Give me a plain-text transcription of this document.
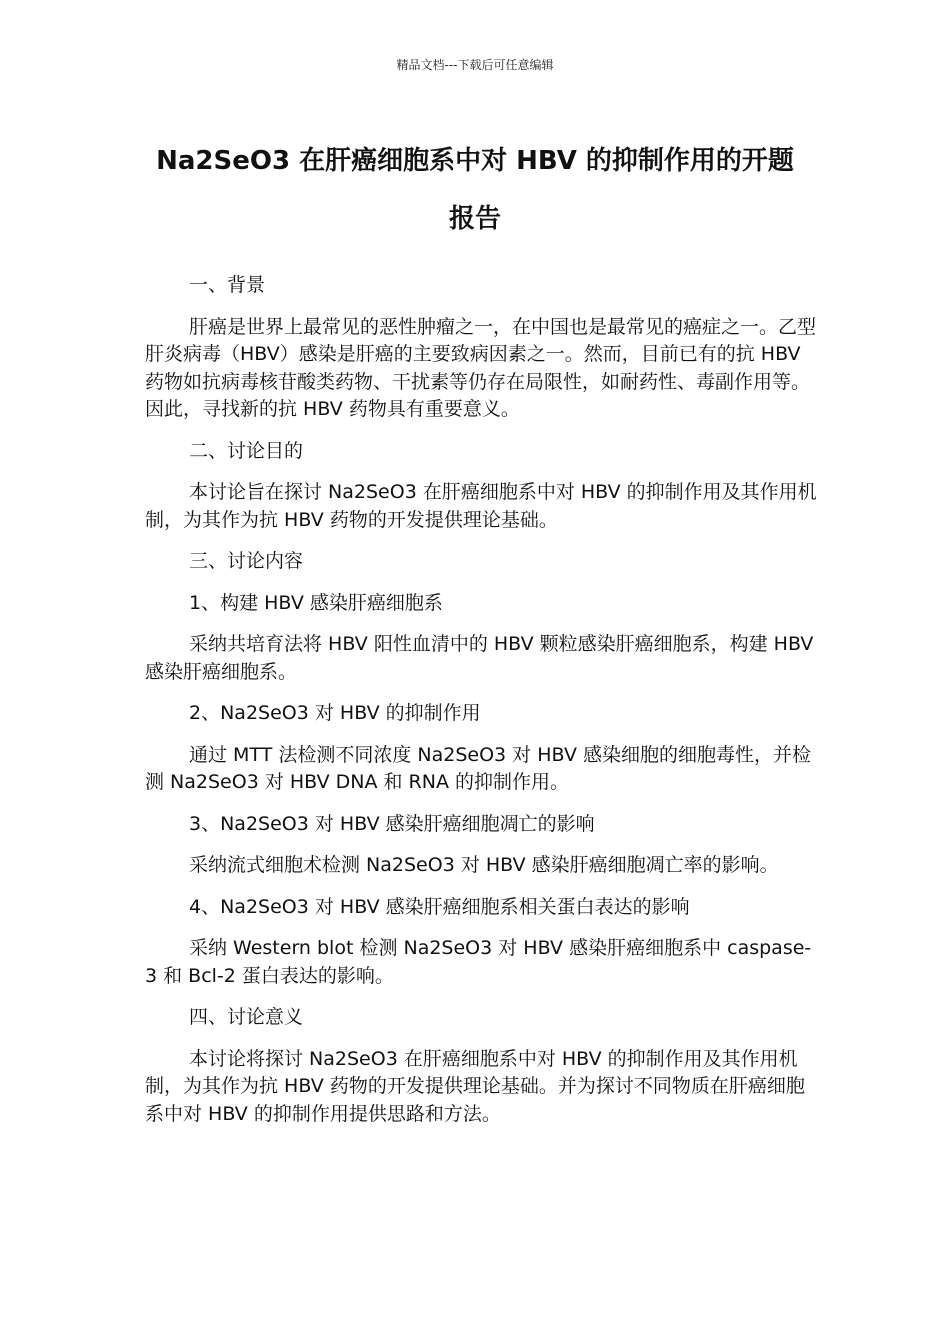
精品文档---下载后可任意编辑
Na2SeO3 在肝癌细胞系中对 HBV 的抑制作用的开题
报告

一、背景

肝癌是世界上最常见的恶性肿瘤之一，在中国也是最常见的癌症之一。乙型肝炎病毒（HBV）感染是肝癌的主要致病因素之一。然而，目前已有的抗 HBV 药物如抗病毒核苷酸类药物、干扰素等仍存在局限性，如耐药性、毒副作用等。因此，寻找新的抗 HBV 药物具有重要意义。

二、讨论目的

本讨论旨在探讨 Na2SeO3 在肝癌细胞系中对 HBV 的抑制作用及其作用机制，为其作为抗 HBV 药物的开发提供理论基础。

三、讨论内容

1、构建 HBV 感染肝癌细胞系

采纳共培育法将 HBV 阳性血清中的 HBV 颗粒感染肝癌细胞系，构建 HBV 感染肝癌细胞系。

2、Na2SeO3 对 HBV 的抑制作用

通过 MTT 法检测不同浓度 Na2SeO3 对 HBV 感染细胞的细胞毒性，并检测 Na2SeO3 对 HBV DNA 和 RNA 的抑制作用。

3、Na2SeO3 对 HBV 感染肝癌细胞凋亡的影响

采纳流式细胞术检测 Na2SeO3 对 HBV 感染肝癌细胞凋亡率的影响。

4、Na2SeO3 对 HBV 感染肝癌细胞系相关蛋白表达的影响

采纳 Western blot 检测 Na2SeO3 对 HBV 感染肝癌细胞系中 caspase-3 和 Bcl-2 蛋白表达的影响。

四、讨论意义

本讨论将探讨 Na2SeO3 在肝癌细胞系中对 HBV 的抑制作用及其作用机制，为其作为抗 HBV 药物的开发提供理论基础。并为探讨不同物质在肝癌细胞系中对 HBV 的抑制作用提供思路和方法。
